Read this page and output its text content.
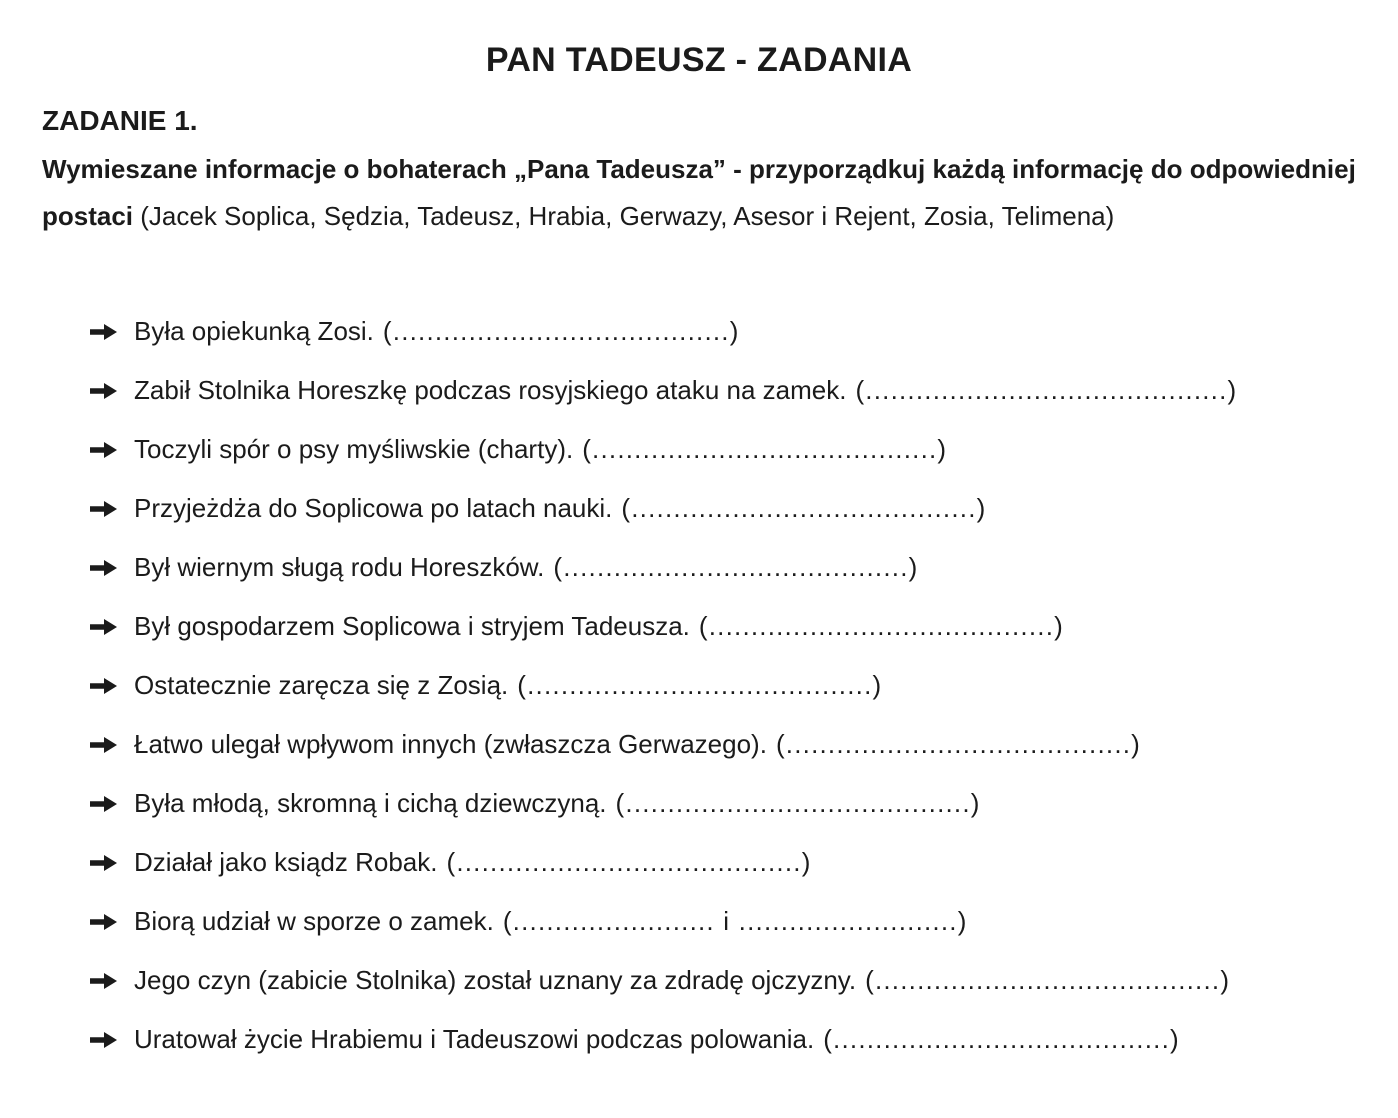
PAN TADEUSZ - ZADANIA
ZADANIE 1.

Wymieszane informacje o bohaterach „Pana Tadeusza” - przyporządkuj każdą informację do odpowiedniej postaci (Jacek Soplica, Sędzia, Tadeusz, Hrabia, Gerwazy, Asesor i Rejent, Zosia, Telimena)

Była opiekunką Zosi. (........................................)
Zabił Stolnika Horeszkę podczas rosyjskiego ataku na zamek. (...........................................)
Toczyli spór o psy myśliwskie (charty). (.........................................)
Przyjeżdża do Soplicowa po latach nauki. (.........................................)
Był wiernym sługą rodu Horeszków. (.........................................)
Był gospodarzem Soplicowa i stryjem Tadeusza. (.........................................)
Ostatecznie zaręcza się z Zosią. (.........................................)
Łatwo ulegał wpływom innych (zwłaszcza Gerwazego). (.........................................)
Była młodą, skromną i cichą dziewczyną. (.........................................)
Działał jako ksiądz Robak. (.........................................)
Biorą udział w sporze o zamek. (........................ i ..........................)
Jego czyn (zabicie Stolnika) został uznany za zdradę ojczyzny. (.........................................)
Uratował życie Hrabiemu i Tadeuszowi podczas polowania. (........................................)
